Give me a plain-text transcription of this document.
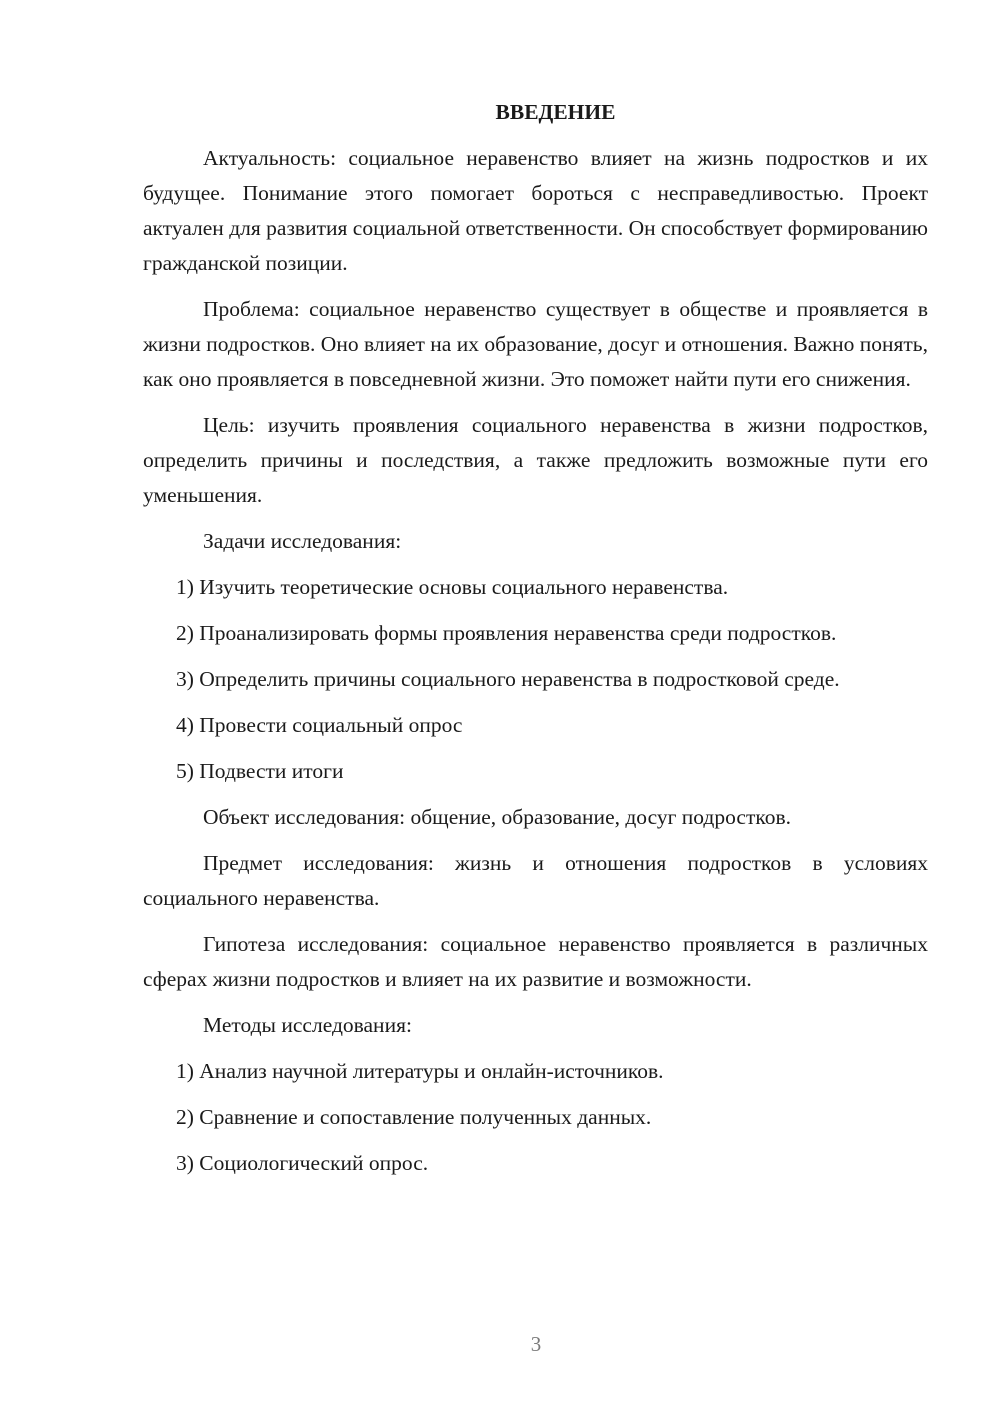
ВВЕДЕНИЕ

Актуальность: социальное неравенство влияет на жизнь подростков и их будущее. Понимание этого помогает бороться с несправедливостью. Проект актуален для развития социальной ответственности. Он способствует формированию гражданской позиции.

Проблема: социальное неравенство существует в обществе и проявляется в жизни подростков. Оно влияет на их образование, досуг и отношения. Важно понять, как оно проявляется в повседневной жизни. Это поможет найти пути его снижения.

Цель: изучить проявления социального неравенства в жизни подростков, определить причины и последствия, а также предложить возможные пути его уменьшения.

Задачи исследования:

1) Изучить теоретические основы социального неравенства.

2) Проанализировать формы проявления неравенства среди подростков.

3) Определить причины социального неравенства в подростковой среде.

4) Провести социальный опрос

5) Подвести итоги

Объект исследования: общение, образование, досуг подростков.

Предмет исследования: жизнь и отношения подростков в условиях социального неравенства.

Гипотеза исследования: социальное неравенство проявляется в различных сферах жизни подростков и влияет на их развитие и возможности.

Методы исследования:

1) Анализ научной литературы и онлайн-источников.

2) Сравнение и сопоставление полученных данных.

3) Социологический опрос.

3
